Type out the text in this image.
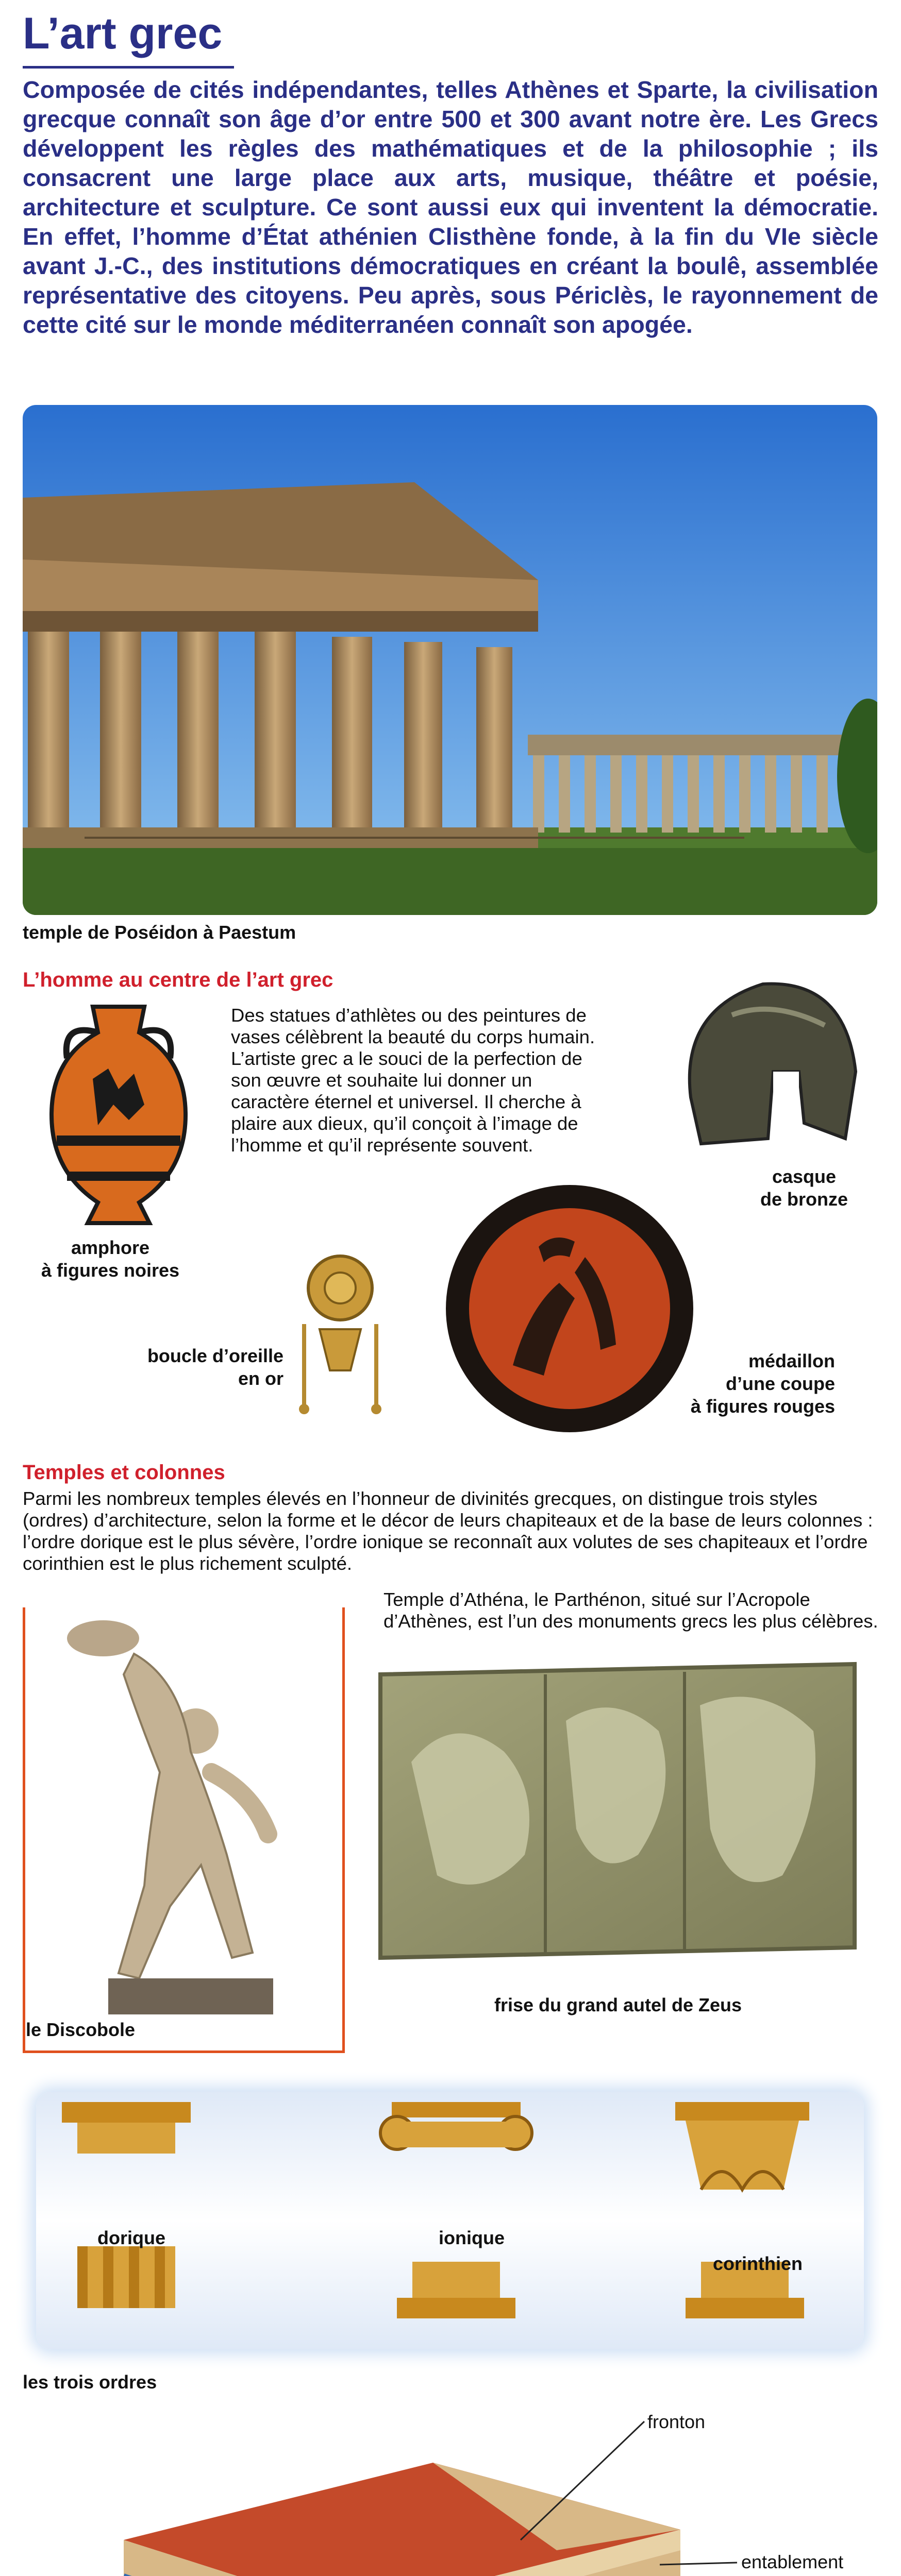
L’art grec
Composée de cités indépendantes, telles Athènes et Sparte, la civilisation grecque connaît son âge d’or entre 500 et 300 avant notre ère. Les Grecs développent les règles des mathématiques et de la philosophie ; ils consacrent une large place aux arts, musique, théâtre et poésie, architecture et sculpture. Ce sont aussi eux qui inventent la démocratie. En effet, l’homme d’État athénien Clisthène fonde, à la fin du VIe siècle avant J.-C., des institutions démocratiques en créant la boulê, assemblée représentative des citoyens. Peu après, sous Périclès, le rayonnement de cette cité sur le monde méditerranéen connaît son apogée.
temple de Poséidon à Paestum
L’homme au centre de l’art grec
amphore
à figures noires
Des statues d’athlètes ou des peintures de vases célèbrent la beauté du corps humain. L’artiste grec a le souci de la perfection de son œuvre et souhaite lui donner un caractère éternel et universel. Il cherche à plaire aux dieux, qu’il conçoit à l’image de l’homme et qu’il représente souvent.
casque
de bronze
boucle d’oreille
en or
médaillon
d’une coupe
à figures rouges
Temples et colonnes
Parmi les nombreux temples élevés en l’honneur de divinités grecques, on distingue trois styles (ordres) d’architecture, selon la forme et le décor de leurs chapiteaux et de la base de leurs colonnes : l’ordre dorique est le plus sévère, l’ordre ionique se reconnaît aux volutes de ses chapiteaux et l’ordre corinthien est le plus richement sculpté.
Temple d’Athéna, le Parthénon, situé sur l’Acropole d’Athènes, est l’un des monuments grecs les plus célèbres.
le Discobole
frise du grand autel de Zeus
dorique	ionique
corinthien
les trois ordres
fronton
entablement
